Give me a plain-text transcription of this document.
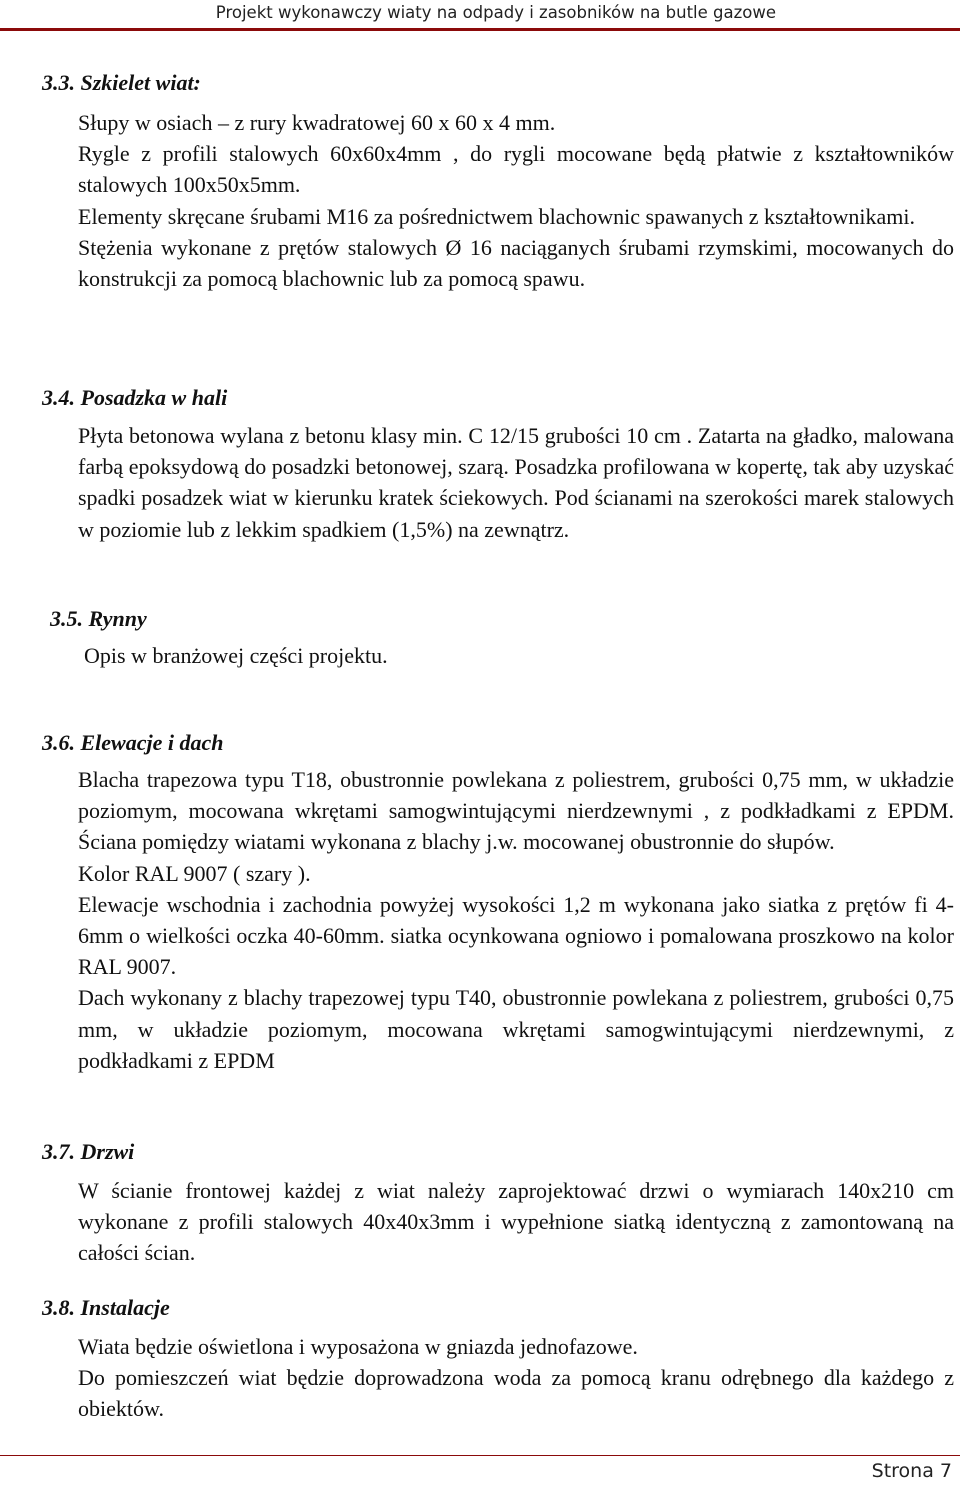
Projekt wykonawczy wiaty na odpady i zasobników na butle gazowe
3.3. Szkielet wiat:

Słupy w osiach – z rury kwadratowej 60 x 60 x 4 mm.
Rygle z profili stalowych 60x60x4mm , do rygli mocowane będą płatwie z kształtowników stalowych 100x50x5mm.
Elementy skręcane śrubami M16 za pośrednictwem blachownic spawanych z kształtownikami.
Stężenia wykonane z prętów stalowych Ø 16 naciąganych śrubami rzymskimi, mocowanych do konstrukcji za pomocą blachownic lub za pomocą spawu.

3.4. Posadzka w hali

Płyta betonowa wylana z betonu klasy min. C 12/15 grubości 10 cm . Zatarta na gładko, malowana farbą epoksydową do posadzki betonowej, szarą. Posadzka profilowana w kopertę, tak aby uzyskać spadki posadzek wiat w kierunku kratek ściekowych. Pod ścianami na szerokości marek stalowych w poziomie lub z lekkim spadkiem (1,5%) na zewnątrz.

3.5. Rynny

Opis w branżowej części projektu.

3.6. Elewacje i dach

Blacha trapezowa typu T18, obustronnie powlekana z poliestrem, grubości 0,75 mm, w układzie poziomym, mocowana wkrętami samogwintującymi nierdzewnymi , z podkładkami z EPDM. Ściana pomiędzy wiatami wykonana z blachy j.w. mocowanej obustronnie do słupów.
Kolor RAL 9007 ( szary ).
Elewacje wschodnia i zachodnia powyżej wysokości 1,2 m wykonana jako siatka z prętów fi 4-6mm o wielkości oczka 40-60mm. siatka ocynkowana ogniowo i pomalowana proszkowo na kolor RAL 9007.
Dach wykonany z blachy trapezowej typu T40, obustronnie powlekana z poliestrem, grubości 0,75 mm, w układzie poziomym, mocowana wkrętami samogwintującymi nierdzewnymi, z podkładkami z EPDM

3.7. Drzwi

W ścianie frontowej każdej z wiat należy zaprojektować drzwi o wymiarach 140x210 cm wykonane z profili stalowych 40x40x3mm i wypełnione siatką identyczną z zamontowaną na całości ścian.

3.8. Instalacje

Wiata będzie oświetlona i wyposażona w gniazda jednofazowe.
Do pomieszczeń wiat będzie doprowadzona woda za pomocą kranu odrębnego dla każdego z obiektów.

Strona 7
